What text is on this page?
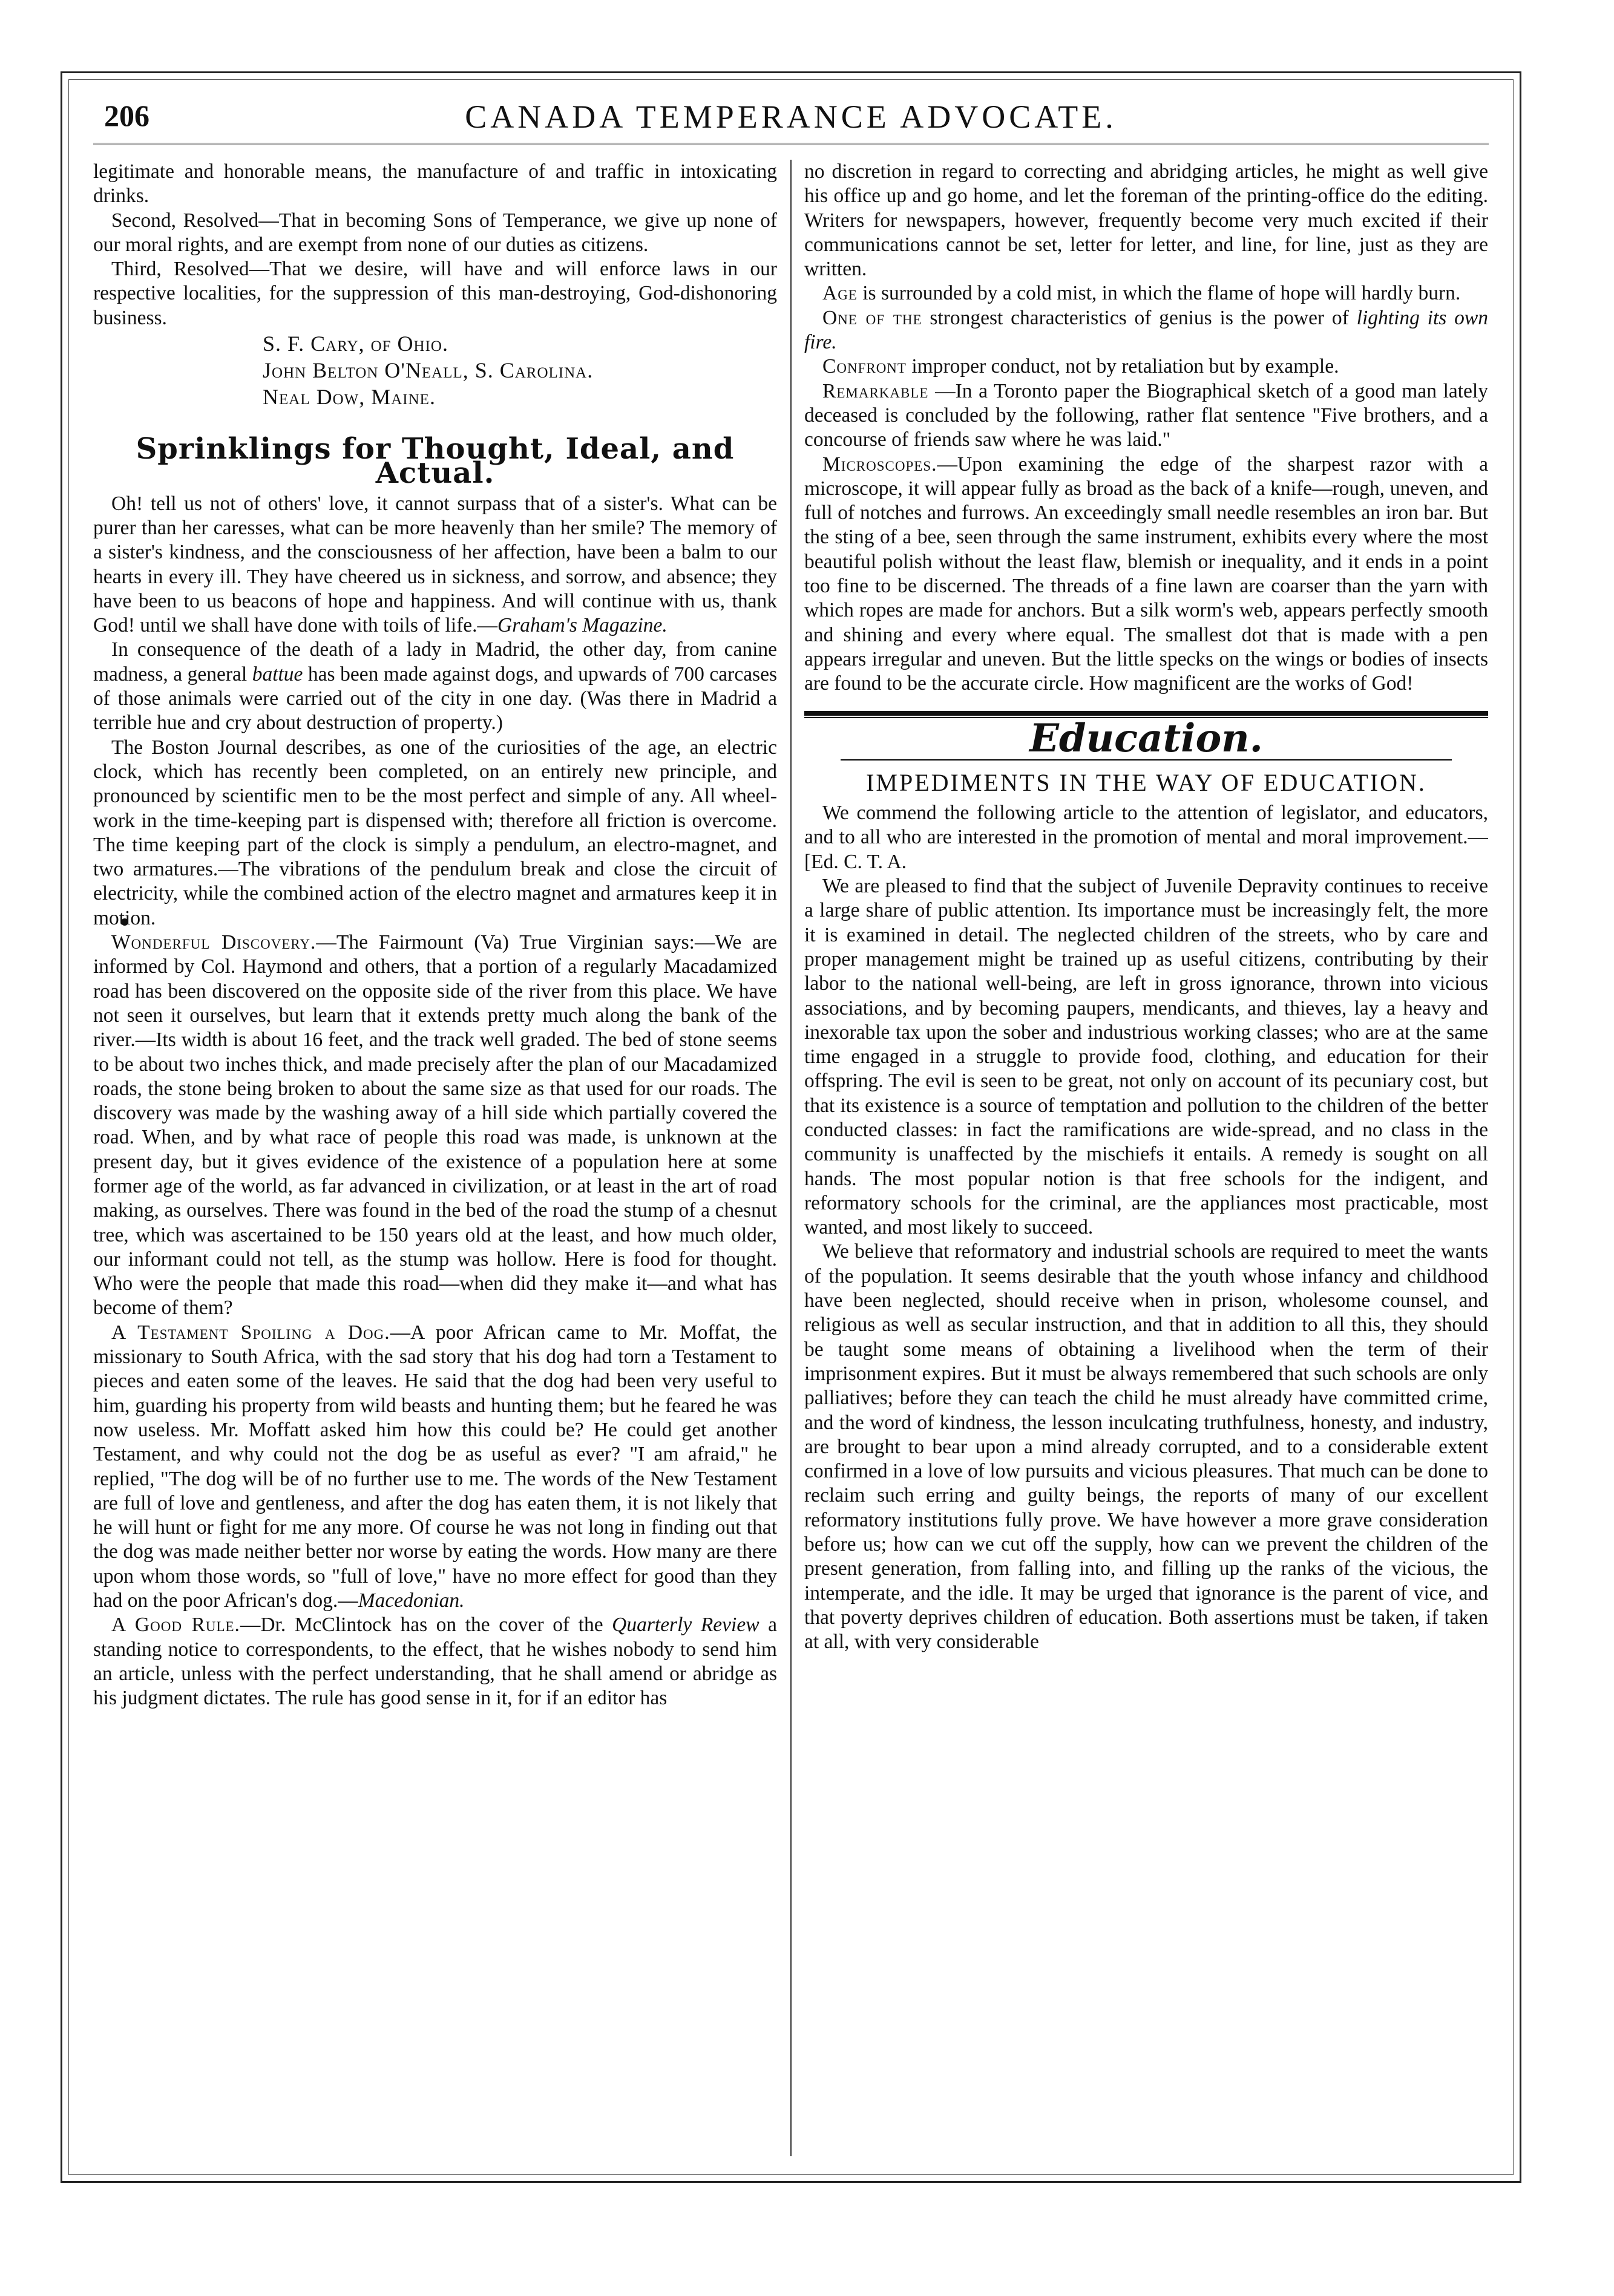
206	CANADA TEMPERANCE ADVOCATE.

legitimate and honorable means, the manufacture of and traffic in intoxicating drinks.

Second, Resolved—That in becoming Sons of Temperance, we give up none of our moral rights, and are exempt from none of our duties as citizens.

Third, Resolved—That we desire, will have and will enforce laws in our respective localities, for the suppression of this man-destroying, God-dishonoring business.

S. F. Cary, of Ohio.
John Belton O'Neall, S. Carolina.
Neal Dow, Maine.
Sprinklings for Thought, Ideal, and Actual.

Oh! tell us not of others' love, it cannot surpass that of a sister's. What can be purer than her caresses, what can be more heavenly than her smile? The memory of a sister's kindness, and the consciousness of her affection, have been a balm to our hearts in every ill. They have cheered us in sickness, and sorrow, and absence; they have been to us beacons of hope and happiness. And will continue with us, thank God! until we shall have done with toils of life.—Graham's Magazine.

In consequence of the death of a lady in Madrid, the other day, from canine madness, a general battue has been made against dogs, and upwards of 700 carcases of those animals were carried out of the city in one day. (Was there in Madrid a terrible hue and cry about destruction of property.)

The Boston Journal describes, as one of the curiosities of the age, an electric clock, which has recently been completed, on an entirely new principle, and pronounced by scientific men to be the most perfect and simple of any. All wheel-work in the time-keeping part is dispensed with; therefore all friction is overcome. The time keeping part of the clock is simply a pendulum, an electro-magnet, and two armatures.—The vibrations of the pendulum break and close the circuit of electricity, while the combined action of the electro magnet and armatures keep it in motion.

Wonderful Discovery.—The Fairmount (Va) True Virginian says:—We are informed by Col. Haymond and others, that a portion of a regularly Macadamized road has been discovered on the opposite side of the river from this place. We have not seen it ourselves, but learn that it extends pretty much along the bank of the river.—Its width is about 16 feet, and the track well graded. The bed of stone seems to be about two inches thick, and made precisely after the plan of our Macadamized roads, the stone being broken to about the same size as that used for our roads. The discovery was made by the washing away of a hill side which partially covered the road. When, and by what race of people this road was made, is unknown at the present day, but it gives evidence of the existence of a population here at some former age of the world, as far advanced in civilization, or at least in the art of road making, as ourselves. There was found in the bed of the road the stump of a chesnut tree, which was ascertained to be 150 years old at the least, and how much older, our informant could not tell, as the stump was hollow. Here is food for thought. Who were the people that made this road—when did they make it—and what has become of them?

A Testament Spoiling a Dog.—A poor African came to Mr. Moffat, the missionary to South Africa, with the sad story that his dog had torn a Testament to pieces and eaten some of the leaves. He said that the dog had been very useful to him, guarding his property from wild beasts and hunting them; but he feared he was now useless. Mr. Moffatt asked him how this could be? He could get another Testament, and why could not the dog be as useful as ever? "I am afraid," he replied, "The dog will be of no further use to me. The words of the New Testament are full of love and gentleness, and after the dog has eaten them, it is not likely that he will hunt or fight for me any more. Of course he was not long in finding out that the dog was made neither better nor worse by eating the words. How many are there upon whom those words, so "full of love," have no more effect for good than they had on the poor African's dog.—Macedonian.

A Good Rule.—Dr. McClintock has on the cover of the Quarterly Review a standing notice to correspondents, to the effect, that he wishes nobody to send him an article, unless with the perfect understanding, that he shall amend or abridge as his judgment dictates. The rule has good sense in it, for if an editor has

no discretion in regard to correcting and abridging articles, he might as well give his office up and go home, and let the foreman of the printing-office do the editing. Writers for newspapers, however, frequently become very much excited if their communications cannot be set, letter for letter, and line, for line, just as they are written.

Age is surrounded by a cold mist, in which the flame of hope will hardly burn.

One of the strongest characteristics of genius is the power of lighting its own fire.

Confront improper conduct, not by retaliation but by example.

Remarkable —In a Toronto paper the Biographical sketch of a good man lately deceased is concluded by the following, rather flat sentence "Five brothers, and a concourse of friends saw where he was laid."

Microscopes.—Upon examining the edge of the sharpest razor with a microscope, it will appear fully as broad as the back of a knife—rough, uneven, and full of notches and furrows. An exceedingly small needle resembles an iron bar. But the sting of a bee, seen through the same instrument, exhibits every where the most beautiful polish without the least flaw, blemish or inequality, and it ends in a point too fine to be discerned. The threads of a fine lawn are coarser than the yarn with which ropes are made for anchors. But a silk worm's web, appears perfectly smooth and shining and every where equal. The smallest dot that is made with a pen appears irregular and uneven. But the little specks on the wings or bodies of insects are found to be the accurate circle. How magnificent are the works of God!

Education.
IMPEDIMENTS IN THE WAY OF EDUCATION.

We commend the following article to the attention of legislator, and educators, and to all who are interested in the promotion of mental and moral improvement.—[Ed. C. T. A.

We are pleased to find that the subject of Juvenile Depravity continues to receive a large share of public attention. Its importance must be increasingly felt, the more it is examined in detail. The neglected children of the streets, who by care and proper management might be trained up as useful citizens, contributing by their labor to the national well-being, are left in gross ignorance, thrown into vicious associations, and by becoming paupers, mendicants, and thieves, lay a heavy and inexorable tax upon the sober and industrious working classes; who are at the same time engaged in a struggle to provide food, clothing, and education for their offspring. The evil is seen to be great, not only on account of its pecuniary cost, but that its existence is a source of temptation and pollution to the children of the better conducted classes: in fact the ramifications are wide-spread, and no class in the community is unaffected by the mischiefs it entails. A remedy is sought on all hands. The most popular notion is that free schools for the indigent, and reformatory schools for the criminal, are the appliances most practicable, most wanted, and most likely to succeed.

We believe that reformatory and industrial schools are required to meet the wants of the population. It seems desirable that the youth whose infancy and childhood have been neglected, should receive when in prison, wholesome counsel, and religious as well as secular instruction, and that in addition to all this, they should be taught some means of obtaining a livelihood when the term of their imprisonment expires. But it must be always remembered that such schools are only palliatives; before they can teach the child he must already have committed crime, and the word of kindness, the lesson inculcating truthfulness, honesty, and industry, are brought to bear upon a mind already corrupted, and to a considerable extent confirmed in a love of low pursuits and vicious pleasures. That much can be done to reclaim such erring and guilty beings, the reports of many of our excellent reformatory institutions fully prove. We have however a more grave consideration before us; how can we cut off the supply, how can we prevent the children of the present generation, from falling into, and filling up the ranks of the vicious, the intemperate, and the idle. It may be urged that ignorance is the parent of vice, and that poverty deprives children of education. Both assertions must be taken, if taken at all, with very considerable
